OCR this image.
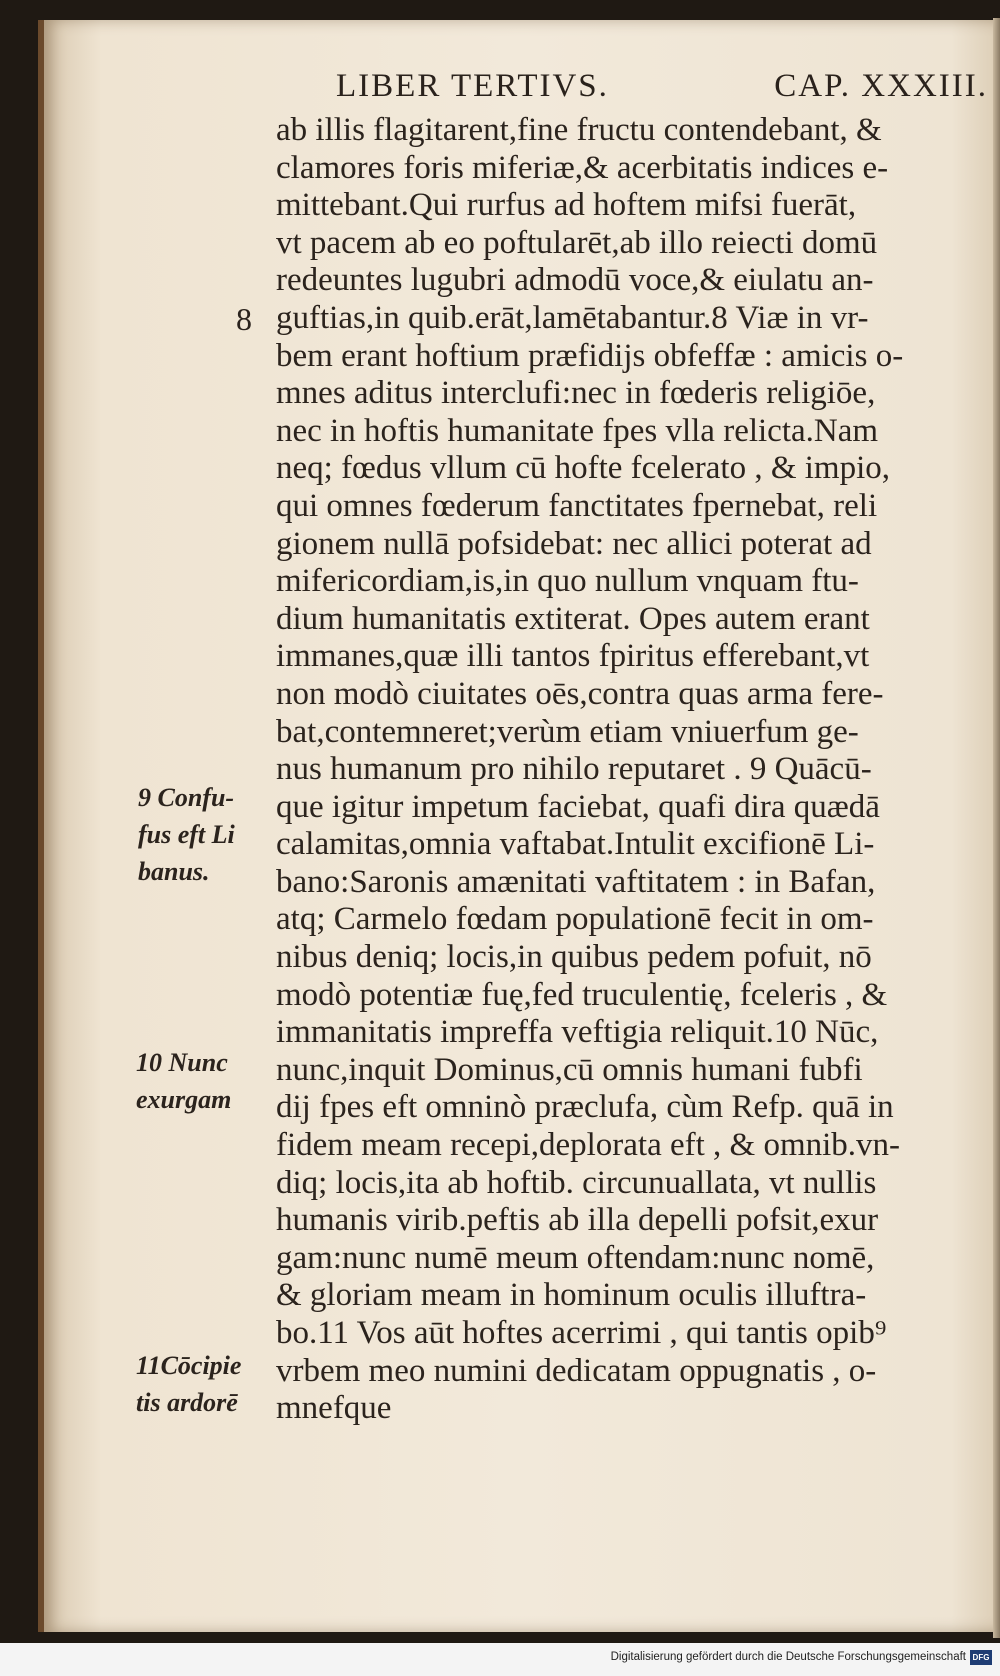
LIBER TERTIVS.	CAP. XXXIII.
ab illis flagitarent,fine fructu contendebant, &
clamores foris miferiæ,& acerbitatis indices e-
mittebant.Qui rurfus ad hoftem mifsi fuerāt,
vt pacem ab eo poftularēt,ab illo reiecti domū
redeuntes lugubri admodū voce,& eiulatu an-
guftias,in quib.erāt,lamētabantur.8 Viæ in vr-
bem erant hoftium præfidijs obfeffæ : amicis o-
mnes aditus interclufi:nec in fœderis religiōe,
nec in hoftis humanitate fpes vlla relicta.Nam
neq; fœdus vllum cū hofte fcelerato , & impio,
qui omnes fœderum fanctitates fpernebat, reli
gionem nullā pofsidebat: nec allici poterat ad
mifericordiam,is,in quo nullum vnquam ftu-
dium humanitatis extiterat. Opes autem erant
immanes,quæ illi tantos fpiritus efferebant,vt
non modò ciuitates oēs,contra quas arma fere-
bat,contemneret;verùm etiam vniuerfum ge-
nus humanum pro nihilo reputaret . 9 Quācū-
que igitur impetum faciebat, quafi dira quædā
calamitas,omnia vaftabat.Intulit excifionē Li-
bano:Saronis amænitati vaftitatem : in Bafan,
atq; Carmelo fœdam populationē fecit in om-
nibus deniq; locis,in quibus pedem pofuit, nō
modò potentiæ fuę,fed truculentię, fceleris , &
immanitatis impreffa veftigia reliquit.10 Nūc,
nunc,inquit Dominus,cū omnis humani fubfi
dij fpes eft omninò præclufa, cùm Refp. quā in
fidem meam recepi,deplorata eft , & omnib.vn-
diq; locis,ita ab hoftib. circunuallata, vt nullis
humanis virib.peftis ab illa depelli pofsit,exur
gam:nunc numē meum oftendam:nunc nomē,
& gloriam meam in hominum oculis illuftra-
bo.11 Vos aūt hoftes acerrimi , qui tantis opib⁹
vrbem meo numini dedicatam oppugnatis , o-
mnefque
8
9 Confu-
fus eft Li
banus.
10 Nunc
exurgam
11Cōcipie
tis ardorē
Digitalisierung gefördert durch die Deutsche Forschungsgemeinschaft DFG
